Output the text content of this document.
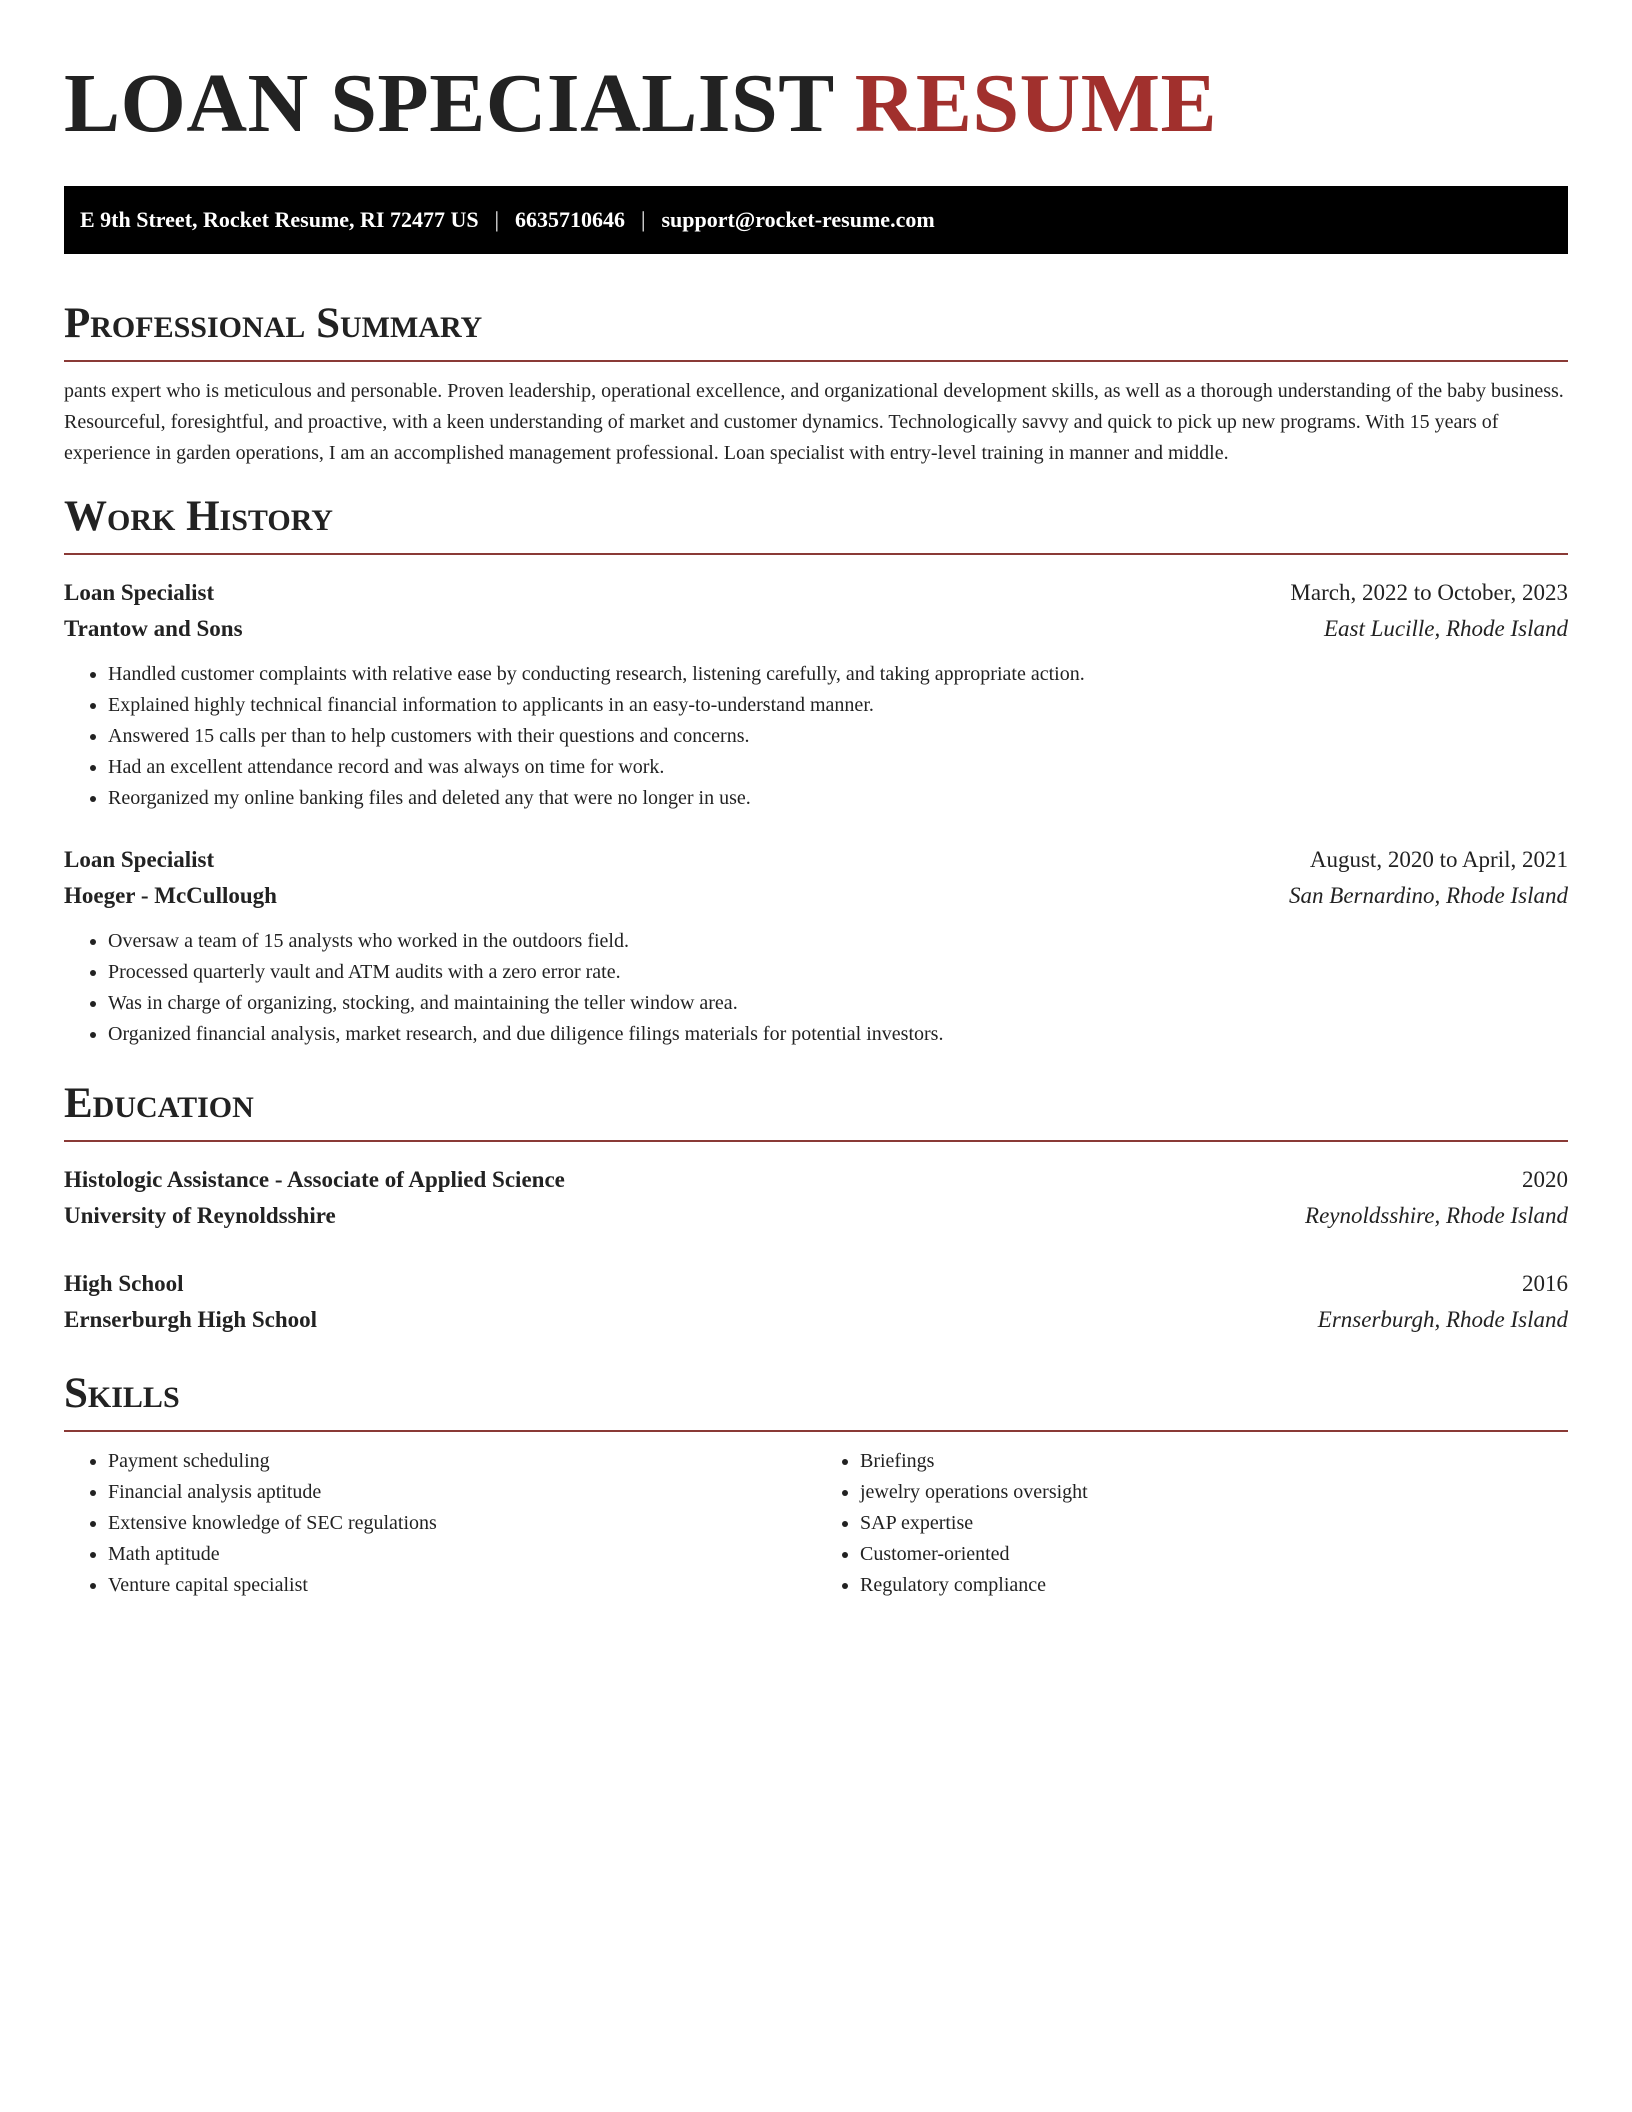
LOAN SPECIALIST RESUME
E 9th Street, Rocket Resume, RI 72477 US | 6635710646 | support@rocket-resume.com
Professional Summary

pants expert who is meticulous and personable. Proven leadership, operational excellence, and organizational development skills, as well as a thorough understanding of the baby business. Resourceful, foresightful, and proactive, with a keen understanding of market and customer dynamics. Technologically savvy and quick to pick up new programs. With 15 years of experience in garden operations, I am an accomplished management professional. Loan specialist with entry-level training in manner and middle.

Work History
Loan Specialist	March, 2022 to October, 2023
Trantow and Sons	East Lucille, Rhode Island
• Handled customer complaints with relative ease by conducting research, listening carefully, and taking appropriate action.
• Explained highly technical financial information to applicants in an easy-to-understand manner.
• Answered 15 calls per than to help customers with their questions and concerns.
• Had an excellent attendance record and was always on time for work.
• Reorganized my online banking files and deleted any that were no longer in use.
Loan Specialist	August, 2020 to April, 2021
Hoeger - McCullough	San Bernardino, Rhode Island
• Oversaw a team of 15 analysts who worked in the outdoors field.
• Processed quarterly vault and ATM audits with a zero error rate.
• Was in charge of organizing, stocking, and maintaining the teller window area.
• Organized financial analysis, market research, and due diligence filings materials for potential investors.
Education
Histologic Assistance - Associate of Applied Science	2020
University of Reynoldsshire	Reynoldsshire, Rhode Island
High School	2016
Ernserburgh High School	Ernserburgh, Rhode Island
Skills
• Payment scheduling
• Financial analysis aptitude
• Extensive knowledge of SEC regulations
• Math aptitude
• Venture capital specialist
• Briefings
• jewelry operations oversight
• SAP expertise
• Customer-oriented
• Regulatory compliance
